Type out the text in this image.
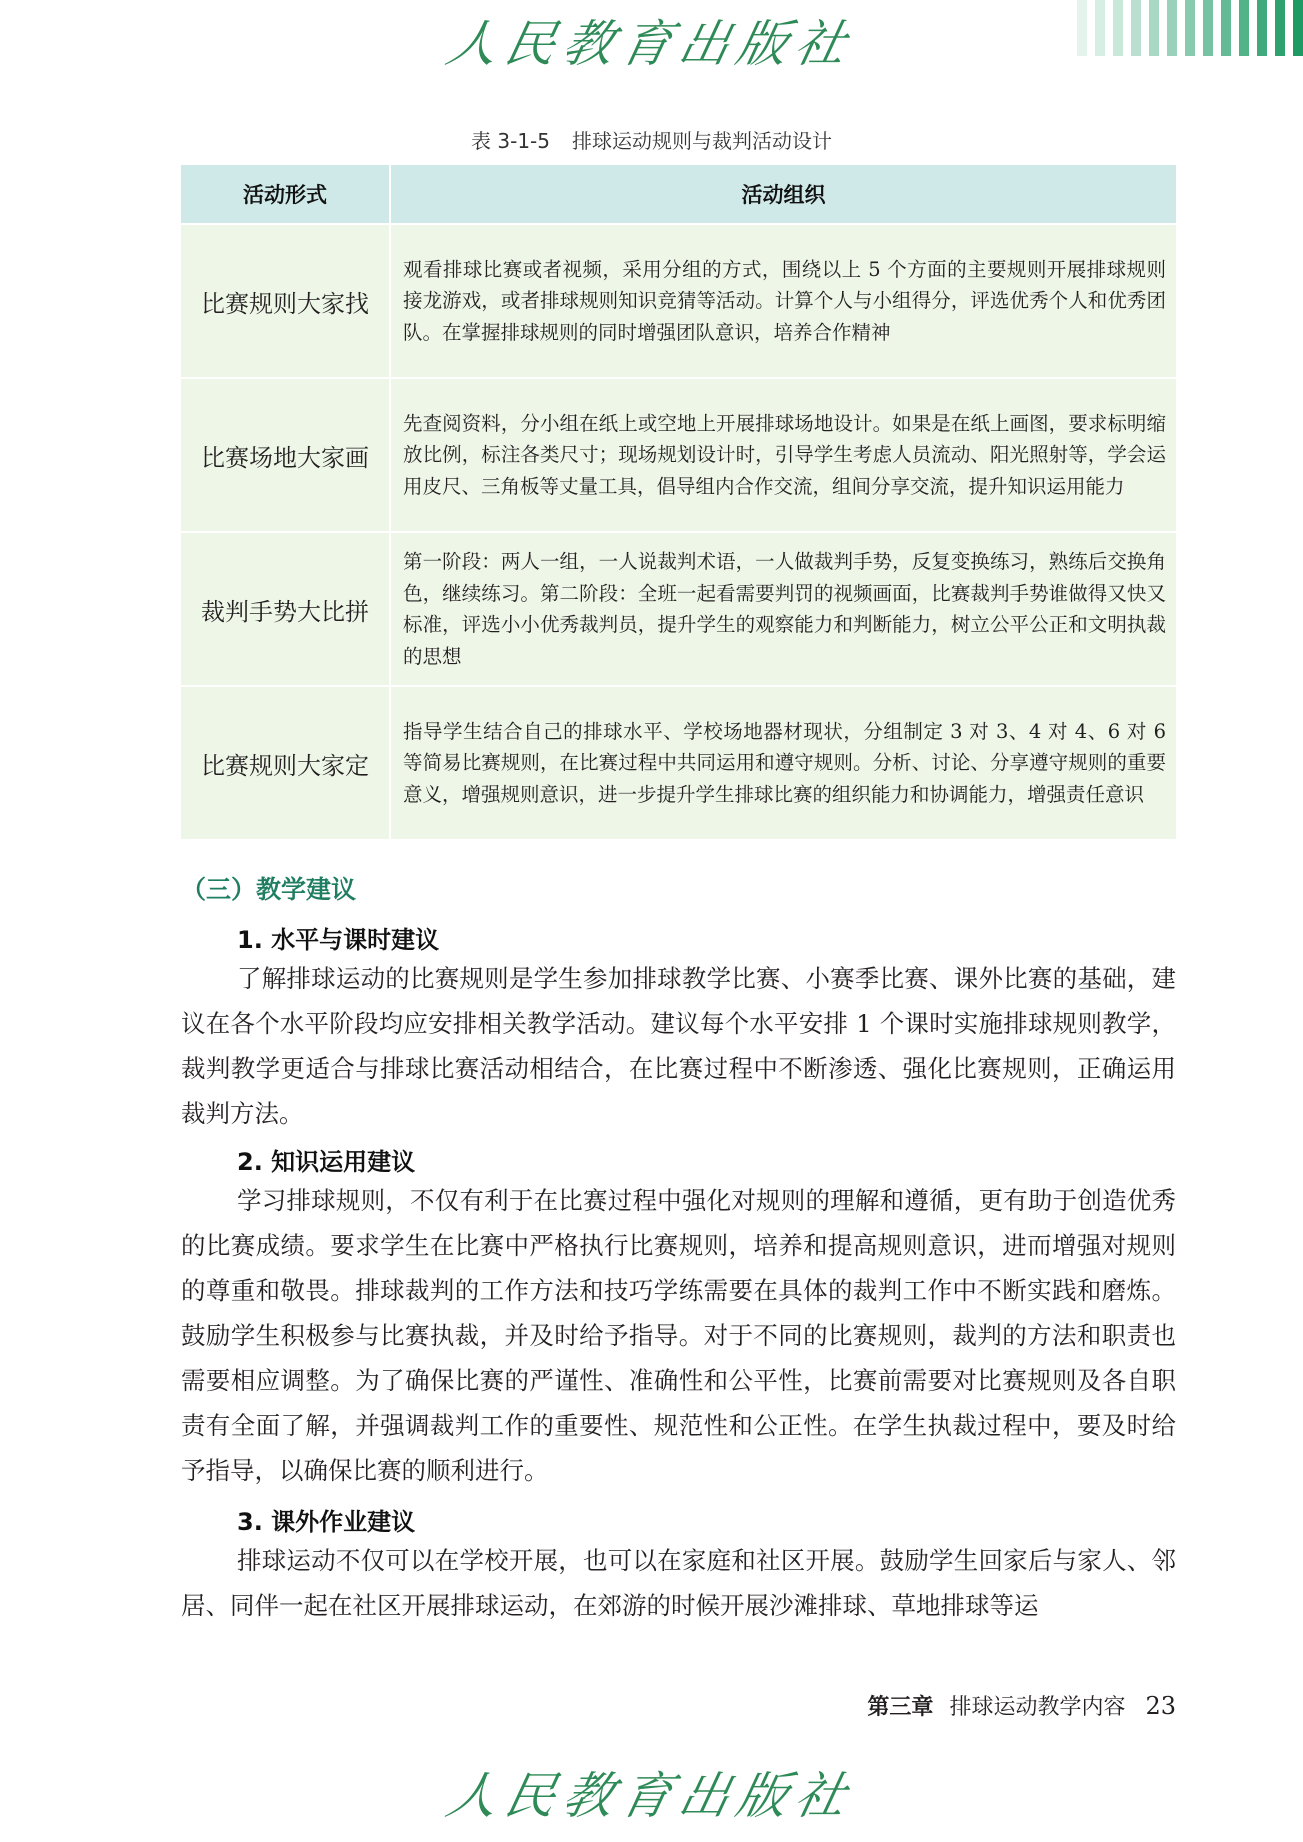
人民教育出版社
表 3-1-5 排球运动规则与裁判活动设计
活动形式	活动组织
比赛规则大家找	观看排球比赛或者视频，采用分组的方式，围绕以上 5 个方面的主要规则开展排球规则接龙游戏，或者排球规则知识竞猜等活动。计算个人与小组得分，评选优秀个人和优秀团队。在掌握排球规则的同时增强团队意识，培养合作精神
比赛场地大家画	先查阅资料，分小组在纸上或空地上开展排球场地设计。如果是在纸上画图，要求标明缩放比例，标注各类尺寸；现场规划设计时，引导学生考虑人员流动、阳光照射等，学会运用皮尺、三角板等丈量工具，倡导组内合作交流，组间分享交流，提升知识运用能力
裁判手势大比拼	第一阶段：两人一组，一人说裁判术语，一人做裁判手势，反复变换练习，熟练后交换角色，继续练习。第二阶段：全班一起看需要判罚的视频画面，比赛裁判手势谁做得又快又标准，评选小小优秀裁判员，提升学生的观察能力和判断能力，树立公平公正和文明执裁的思想
比赛规则大家定	指导学生结合自己的排球水平、学校场地器材现状，分组制定 3 对 3、4 对 4、6 对 6 等简易比赛规则，在比赛过程中共同运用和遵守规则。分析、讨论、分享遵守规则的重要意义，增强规则意识，进一步提升学生排球比赛的组织能力和协调能力，增强责任意识
（三）教学建议
1. 水平与课时建议
了解排球运动的比赛规则是学生参加排球教学比赛、小赛季比赛、课外比赛的基础，建议在各个水平阶段均应安排相关教学活动。建议每个水平安排 1 个课时实施排球规则教学，裁判教学更适合与排球比赛活动相结合，在比赛过程中不断渗透、强化比赛规则，正确运用裁判方法。
2. 知识运用建议
学习排球规则，不仅有利于在比赛过程中强化对规则的理解和遵循，更有助于创造优秀的比赛成绩。要求学生在比赛中严格执行比赛规则，培养和提高规则意识，进而增强对规则的尊重和敬畏。排球裁判的工作方法和技巧学练需要在具体的裁判工作中不断实践和磨炼。鼓励学生积极参与比赛执裁，并及时给予指导。对于不同的比赛规则，裁判的方法和职责也需要相应调整。为了确保比赛的严谨性、准确性和公平性，比赛前需要对比赛规则及各自职责有全面了解，并强调裁判工作的重要性、规范性和公正性。在学生执裁过程中，要及时给予指导，以确保比赛的顺利进行。
3. 课外作业建议
排球运动不仅可以在学校开展，也可以在家庭和社区开展。鼓励学生回家后与家人、邻居、同伴一起在社区开展排球运动，在郊游的时候开展沙滩排球、草地排球等运
第三章 排球运动教学内容 23
人民教育出版社
